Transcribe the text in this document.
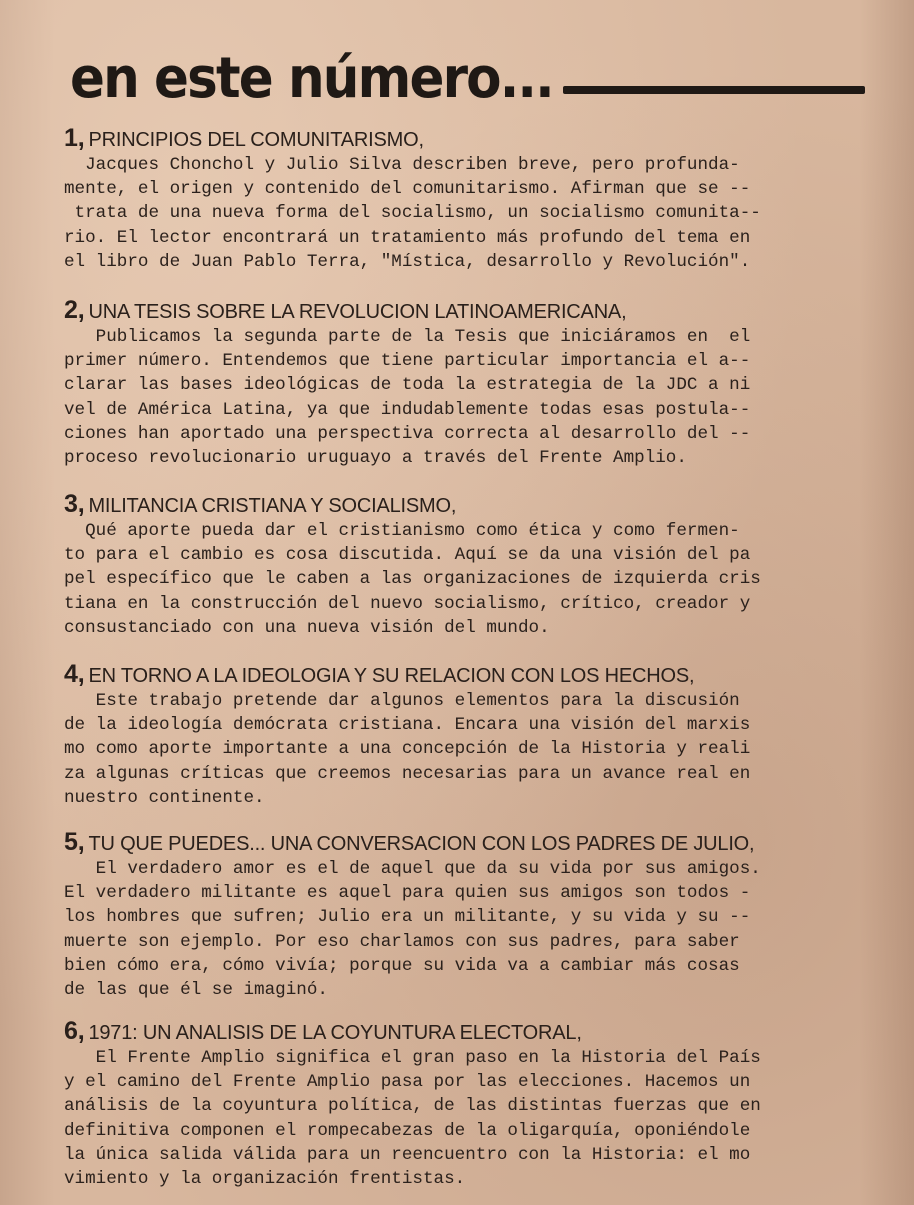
en este número...
1, PRINCIPIOS DEL COMUNITARISMO,
Jacques Chonchol y Julio Silva describen breve, pero profunda-
mente, el origen y contenido del comunitarismo. Afirman que se --
trata de una nueva forma del socialismo, un socialismo comunita--
rio. El lector encontrará un tratamiento más profundo del tema en
el libro de Juan Pablo Terra, "Mística, desarrollo y Revolución".
2, UNA TESIS SOBRE LA REVOLUCION LATINOAMERICANA,
Publicamos la segunda parte de la Tesis que iniciáramos en  el
primer número. Entendemos que tiene particular importancia el a--
clarar las bases ideológicas de toda la estrategia de la JDC a ni
vel de América Latina, ya que indudablemente todas esas postula--
ciones han aportado una perspectiva correcta al desarrollo del --
proceso revolucionario uruguayo a través del Frente Amplio.
3, MILITANCIA CRISTIANA Y SOCIALISMO,
Qué aporte pueda dar el cristianismo como ética y como fermen-
to para el cambio es cosa discutida. Aquí se da una visión del pa
pel específico que le caben a las organizaciones de izquierda cris
tiana en la construcción del nuevo socialismo, crítico, creador y
consustanciado con una nueva visión del mundo.
4, EN TORNO A LA IDEOLOGIA Y SU RELACION CON LOS HECHOS,
Este trabajo pretende dar algunos elementos para la discusión
de la ideología demócrata cristiana. Encara una visión del marxis
mo como aporte importante a una concepción de la Historia y reali
za algunas críticas que creemos necesarias para un avance real en
nuestro continente.
5, TU QUE PUEDES... UNA CONVERSACION CON LOS PADRES DE JULIO,
El verdadero amor es el de aquel que da su vida por sus amigos.
El verdadero militante es aquel para quien sus amigos son todos -
los hombres que sufren; Julio era un militante, y su vida y su --
muerte son ejemplo. Por eso charlamos con sus padres, para saber
bien cómo era, cómo vivía; porque su vida va a cambiar más cosas
de las que él se imaginó.
6, 1971: UN ANALISIS DE LA COYUNTURA ELECTORAL,
El Frente Amplio significa el gran paso en la Historia del País
y el camino del Frente Amplio pasa por las elecciones. Hacemos un
análisis de la coyuntura política, de las distintas fuerzas que en
definitiva componen el rompecabezas de la oligarquía, oponiéndole
la única salida válida para un reencuentro con la Historia: el mo
vimiento y la organización frentistas.
